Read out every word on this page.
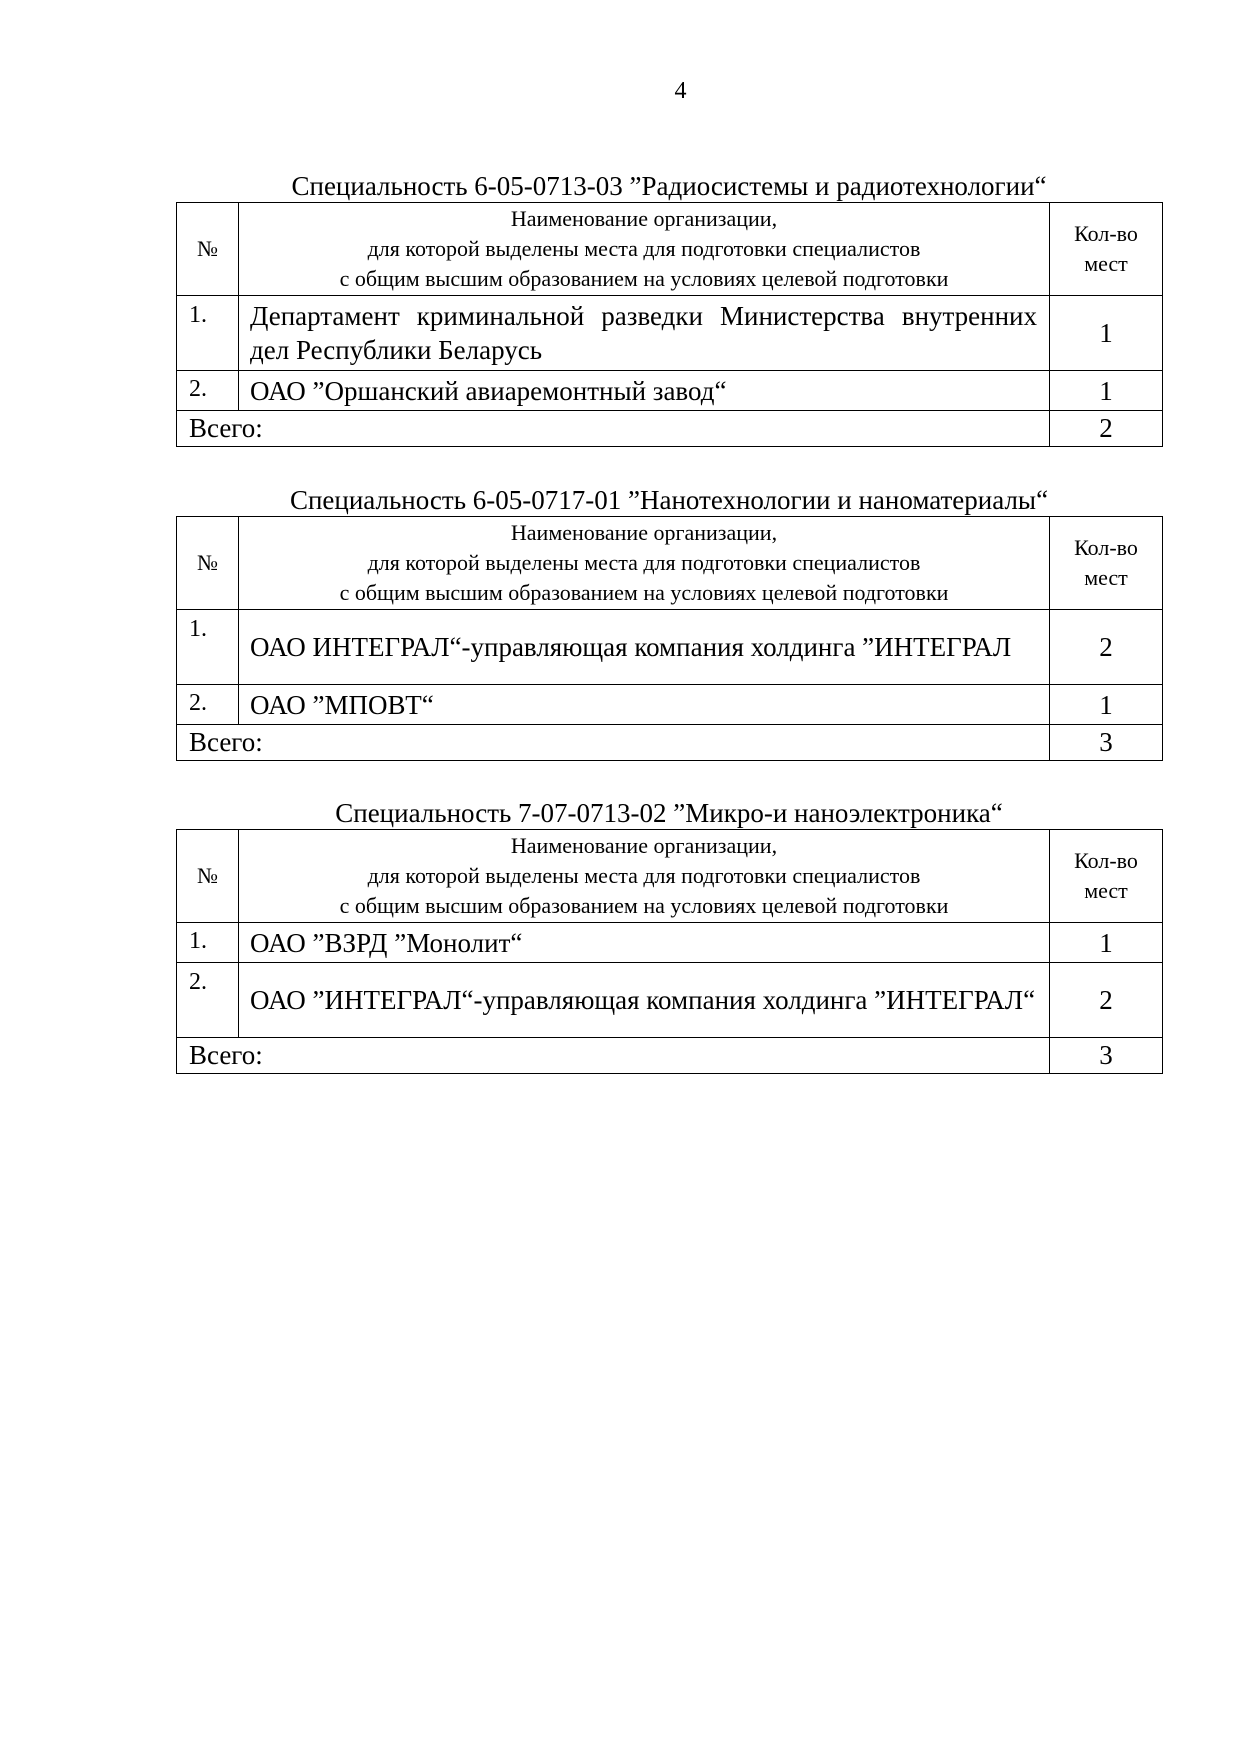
4
Специальность 6-05-0713-03 ”Радиосистемы и радиотехнологии“
№	Наименование организации,
для которой выделены места для подготовки специалистов
с общим высшим образованием на условиях целевой подготовки	Кол-во
мест

1.	Департамент криминальной разведки Министерства внутренних дел Республики Беларусь	1
2.	ОАО ”Оршанский авиаремонтный завод“	1
Всего:		2
Специальность 6-05-0717-01 ”Нанотехнологии и наноматериалы“
№	Наименование организации,
для которой выделены места для подготовки специалистов
с общим высшим образованием на условиях целевой подготовки	Кол-во
мест

1.	ОАО ИНТЕГРАЛ“-управляющая компания холдинга ”ИНТЕГРАЛ	2
2.	ОАО ”МПОВТ“	1
Всего:		3
Специальность 7-07-0713-02 ”Микро-и наноэлектроника“
№	Наименование организации,
для которой выделены места для подготовки специалистов
с общим высшим образованием на условиях целевой подготовки	Кол-во
мест

1.	ОАО ”ВЗРД ”Монолит“	1
2.	ОАО ”ИНТЕГРАЛ“-управляющая компания холдинга ”ИНТЕГРАЛ“	2
Всего:		3
